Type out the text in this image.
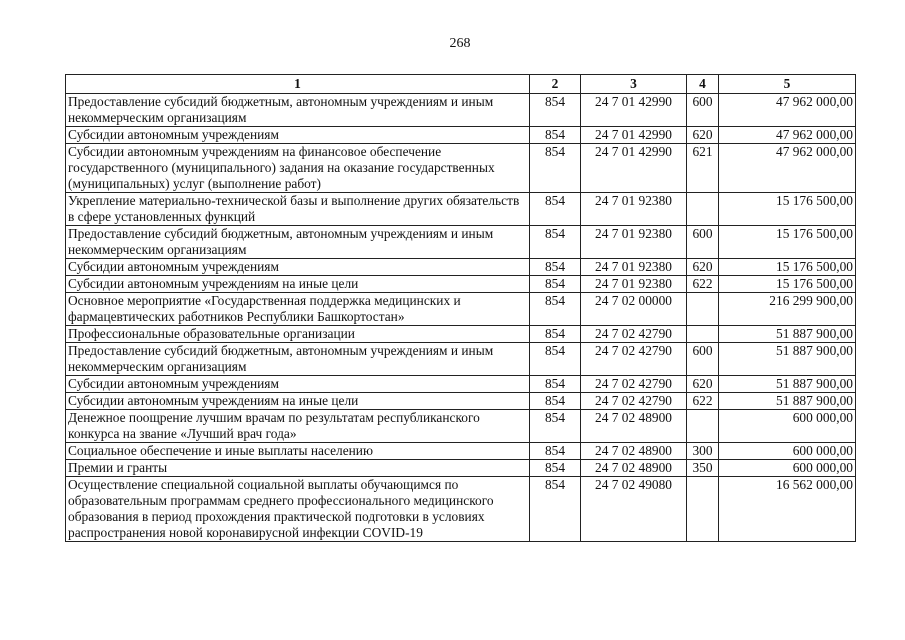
268
1	2	3	4	5
Предоставление субсидий бюджетным, автономным учреждениям и иным некоммерческим организациям	854	24 7 01 42990	600	47 962 000,00
Субсидии автономным учреждениям	854	24 7 01 42990	620	47 962 000,00
Субсидии автономным учреждениям на финансовое обеспечение государственного (муниципального) задания на оказание государственных (муниципальных) услуг (выполнение работ)	854	24 7 01 42990	621	47 962 000,00
Укрепление материально-технической базы и выполнение других обязательств в сфере установленных функций	854	24 7 01 92380		15 176 500,00
Предоставление субсидий бюджетным, автономным учреждениям и иным некоммерческим организациям	854	24 7 01 92380	600	15 176 500,00
Субсидии автономным учреждениям	854	24 7 01 92380	620	15 176 500,00
Субсидии автономным учреждениям на иные цели	854	24 7 01 92380	622	15 176 500,00
Основное мероприятие «Государственная поддержка медицинских и фармацевтических работников Республики Башкортостан»	854	24 7 02 00000		216 299 900,00
Профессиональные образовательные организации	854	24 7 02 42790		51 887 900,00
Предоставление субсидий бюджетным, автономным учреждениям и иным некоммерческим организациям	854	24 7 02 42790	600	51 887 900,00
Субсидии автономным учреждениям	854	24 7 02 42790	620	51 887 900,00
Субсидии автономным учреждениям на иные цели	854	24 7 02 42790	622	51 887 900,00
Денежное поощрение лучшим врачам по результатам республиканского конкурса на звание «Лучший врач года»	854	24 7 02 48900		600 000,00
Социальное обеспечение и иные выплаты населению	854	24 7 02 48900	300	600 000,00
Премии и гранты	854	24 7 02 48900	350	600 000,00
Осуществление специальной социальной выплаты обучающимся по образовательным программам среднего профессионального медицинского образования в период прохождения практической подготовки в условиях распространения новой коронавирусной инфекции COVID-19	854	24 7 02 49080		16 562 000,00
